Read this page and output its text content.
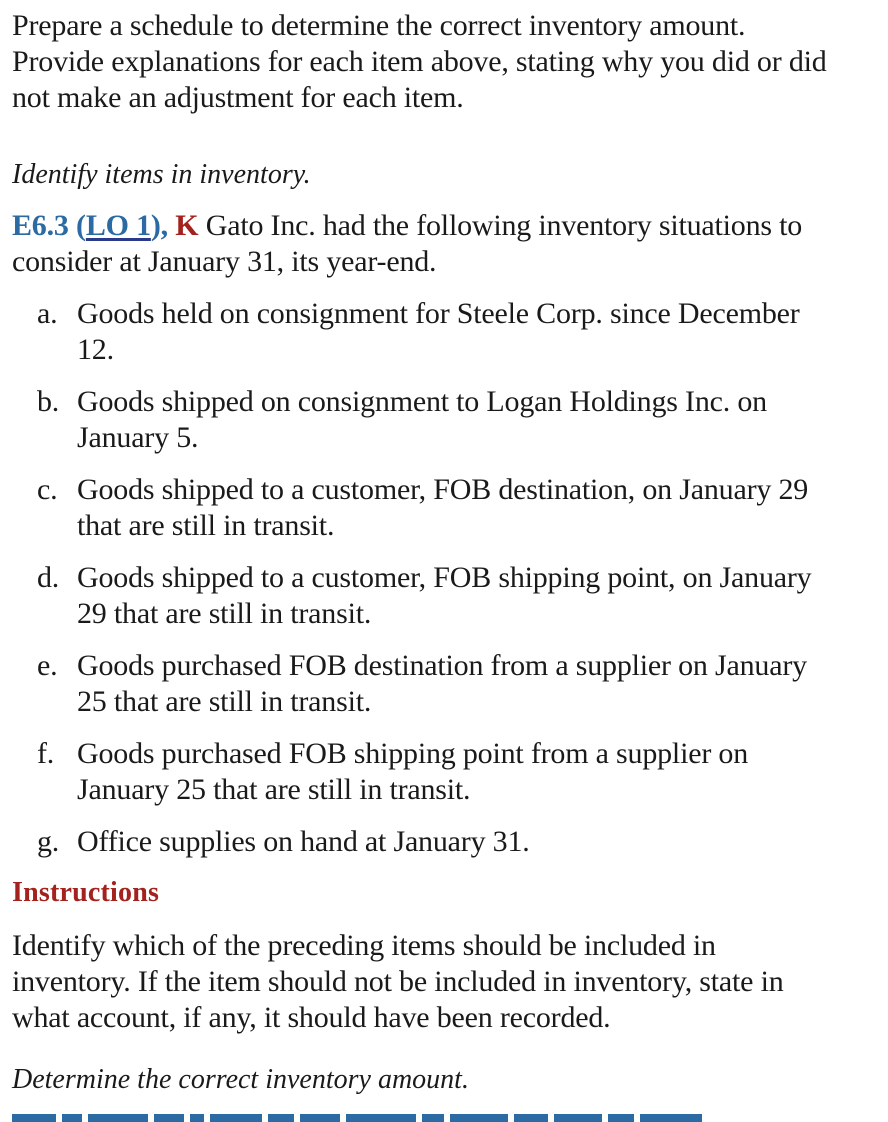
Prepare a schedule to determine the correct inventory amount.
Provide explanations for each item above, stating why you did or did
not make an adjustment for each item.

Identify items in inventory.

E6.3 (LO 1), K Gato Inc. had the following inventory situations to
consider at January 31, its year-end.

a. Goods held on consignment for Steele Corp. since December
12.
b. Goods shipped on consignment to Logan Holdings Inc. on
January 5.
c. Goods shipped to a customer, FOB destination, on January 29
that are still in transit.
d. Goods shipped to a customer, FOB shipping point, on January
29 that are still in transit.
e. Goods purchased FOB destination from a supplier on January
25 that are still in transit.
f. Goods purchased FOB shipping point from a supplier on
January 25 that are still in transit.
g. Office supplies on hand at January 31.

Instructions

Identify which of the preceding items should be included in
inventory. If the item should not be included in inventory, state in
what account, if any, it should have been recorded.

Determine the correct inventory amount.
